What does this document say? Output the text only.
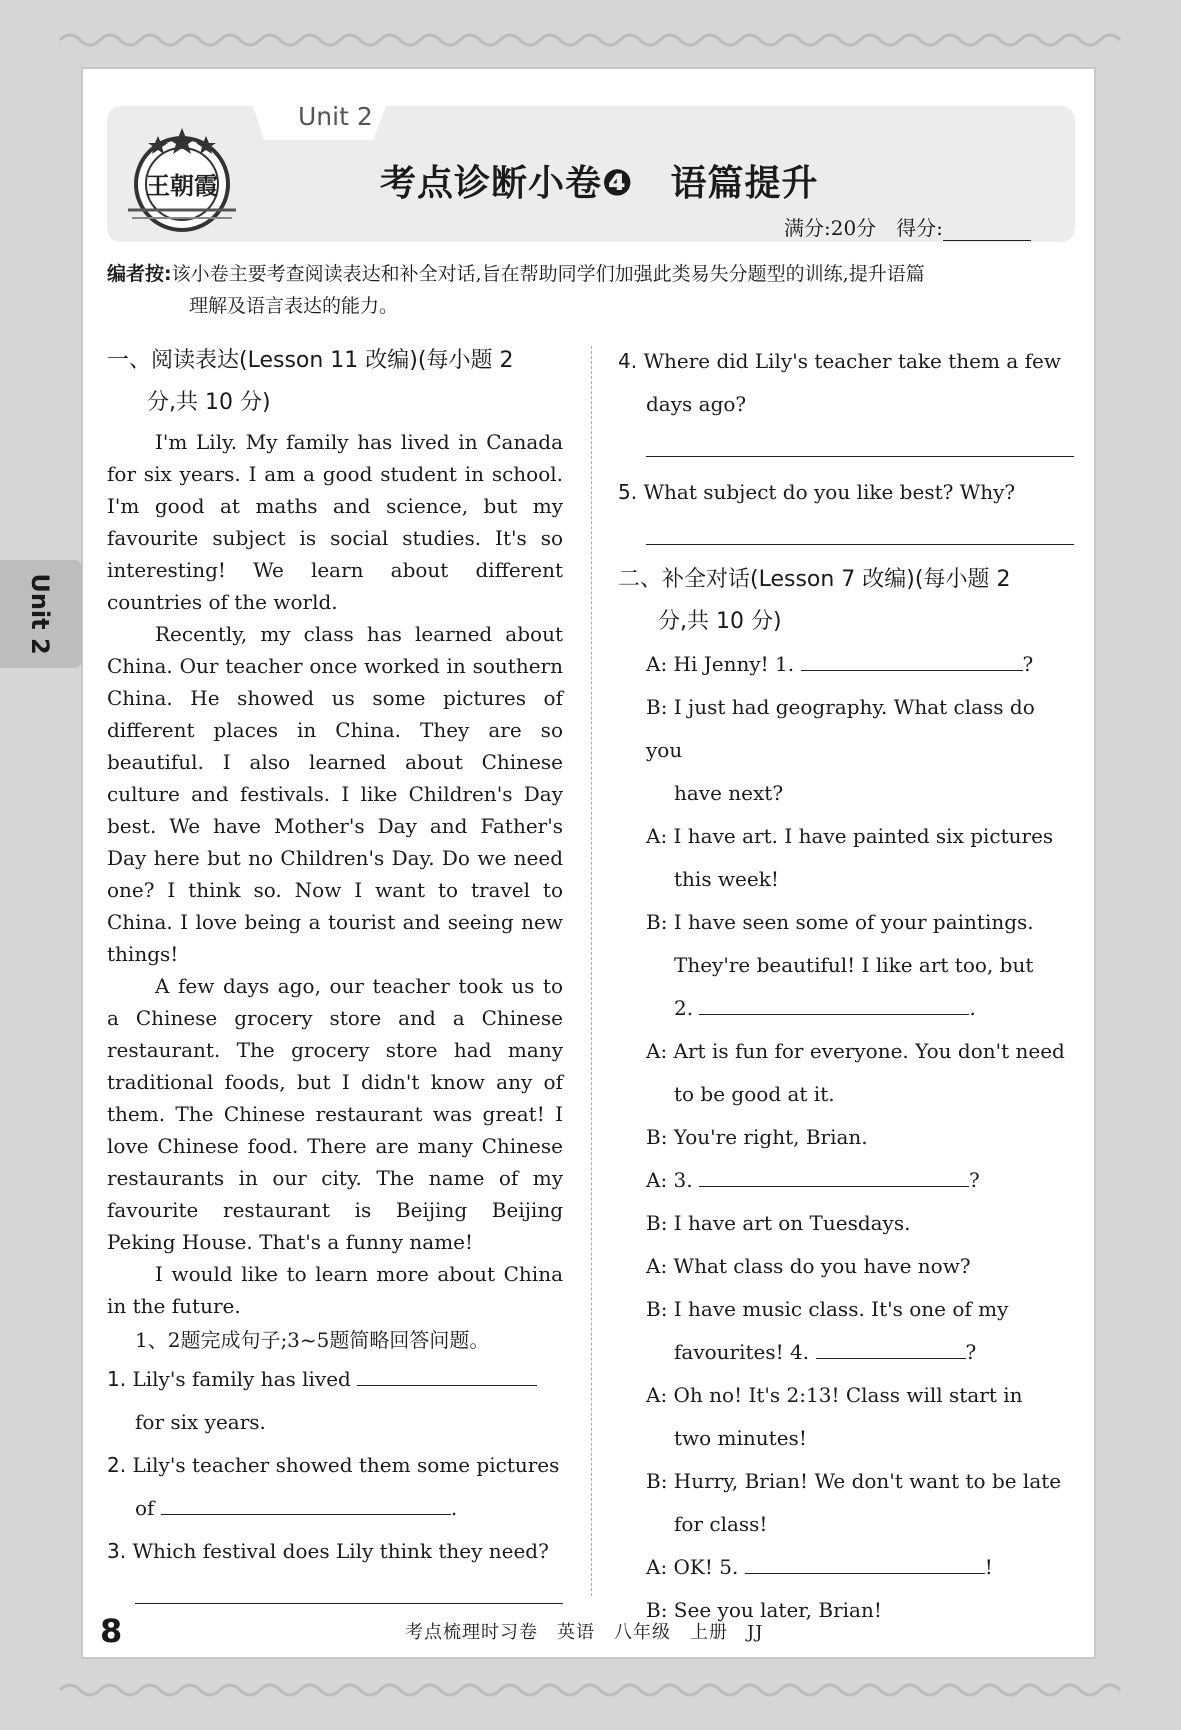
Unit 2
王朝霞	考点诊断小卷❹　语篇提升
满分:20分　得分:
编者按:该小卷主要考查阅读表达和补全对话,旨在帮助同学们加强此类易失分题型的训练,提升语篇
理解及语言表达的能力。
Unit 2
一、阅读表达(Lesson 11 改编)(每小题 2
分,共 10 分)

I'm Lily. My family has lived in Canada for six years. I am a good student in school. I'm good at maths and science, but my favourite subject is social studies. It's so interesting! We learn about different countries of the world.

Recently, my class has learned about China. Our teacher once worked in southern China. He showed us some pictures of different places in China. They are so beautiful. I also learned about Chinese culture and festivals. I like Children's Day best. We have Mother's Day and Father's Day here but no Children's Day. Do we need one? I think so. Now I want to travel to China. I love being a tourist and seeing new things!

A few days ago, our teacher took us to a Chinese grocery store and a Chinese restaurant. The grocery store had many traditional foods, but I didn't know any of them. The Chinese restaurant was great! I love Chinese food. There are many Chinese restaurants in our city. The name of my favourite restaurant is Beijing Beijing Peking House. That's a funny name!

I would like to learn more about China in the future.

1、2题完成句子;3~5题简略回答问题。
1. Lily's family has lived
for six years.
2. Lily's teacher showed them some pictures
of	.
3. Which festival does Lily think they need?
4. Where did Lily's teacher take them a few
days ago?
5. What subject do you like best? Why?
二、补全对话(Lesson 7 改编)(每小题 2
分,共 10 分)
A: Hi Jenny! 1.	?
B: I just had geography. What class do you
have next?
A: I have art. I have painted six pictures
this week!
B: I have seen some of your paintings.
They're beautiful! I like art too, but
2.	.
A: Art is fun for everyone. You don't need
to be good at it.
B: You're right, Brian.
A: 3.	?
B: I have art on Tuesdays.
A: What class do you have now?
B: I have music class. It's one of my
favourites! 4.	?
A: Oh no! It's 2:13! Class will start in
two minutes!
B: Hurry, Brian! We don't want to be late
for class!
A: OK! 5.	!
B: See you later, Brian!
8	考点梳理时习卷　英语　八年级　上册　JJ
